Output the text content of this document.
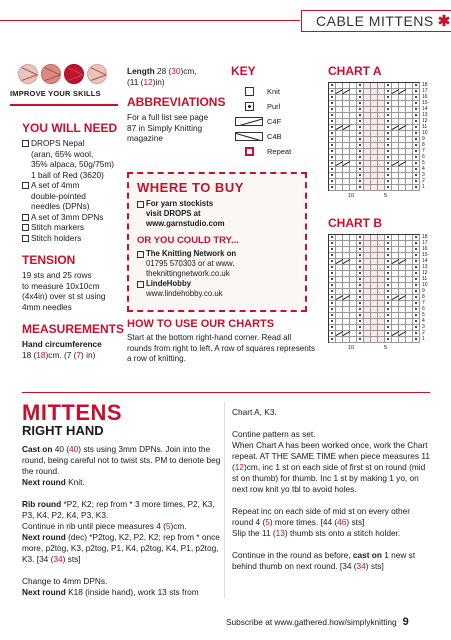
CABLE MITTENS ✱
IMPROVE YOUR SKILLS
YOU WILL NEED
DROPS Nepal
(aran, 65% wool,
35% alpaca, 50g/75m)
1 ball of Red (3620)
A set of 4mm
double-pointed
needles (DPNs)
A set of 3mm DPNs
Stitch markers
Stitch holders
TENSION
19 sts and 25 rows
to measure 10x10cm
(4x4in) over st st using
4mm needles
MEASUREMENTS
Hand circumference
18 (18)cm. (7 (7) in)
Length 28 (30)cm,
(11 (12)in)
ABBREVIATIONS
For a full list see page
87 in Simply Knitting
magazine
KEY
Knit
Purl
C4F
C4B
Repeat
WHERE TO BUY
For yarn stockists

visit DROPS at

www.garnstudio.com

OR YOU COULD TRY...
The Knitting Network on

01795 570303 or at www.

theknittingnetwork.co.uk

LindeHobby

www.lindehobby.co.uk

HOW TO USE OUR CHARTS

Start at the bottom right-hand corner. Read all rounds from right to left. A row of squares represents a row of knitting.

CHART A
18
17
16
15
14
13
12
11
10
9
8
7
6
5
4
3
2
1
10	5
CHART B
18
17
16
15
14
13
12
11
10
9
8
7
6
5
4
3
2
1
10	5
MITTENS
RIGHT HAND

Cast on 40 (40) sts using 3mm DPNs. Join into the round, being careful not to twist sts. PM to denote beg the round.

Next round Knit.

Rib round *P2, K2; rep from * 3 more times, P2, K3, P3, K4, P2, K4, P3, K3.

Continue in rib until piece measures 4 (5)cm.

Next round (dec) *P2tog, K2, P2, K2; rep from * once more, p2tog, K3, p2tog, P1, K4, p2tog, K4, P1, p2tog, K3. [34 (34) sts]

Change to 4mm DPNs.

Next round K18 (inside hand), work 13 sts from

Chart A, K3.

Contine pattern as set.

When Chart A has been worked once, work the Chart repeat. AT THE SAME TIME when piece measures 11 (12)cm, inc 1 st on each side of first st on round (mid st on thumb) for thumb. Inc 1 st by making 1 yo, on next row knit yo tbl to avoid holes.

Repeat inc on each side of mid st on every other round 4 (5) more times. [44 (46) sts]

Slip the 11 (13) thumb sts onto a stitch holder.

Continue in the round as before, cast on 1 new st behind thumb on next round. [34 (34) sts]

Subscribe at www.gathered.how/simplyknitting 9
